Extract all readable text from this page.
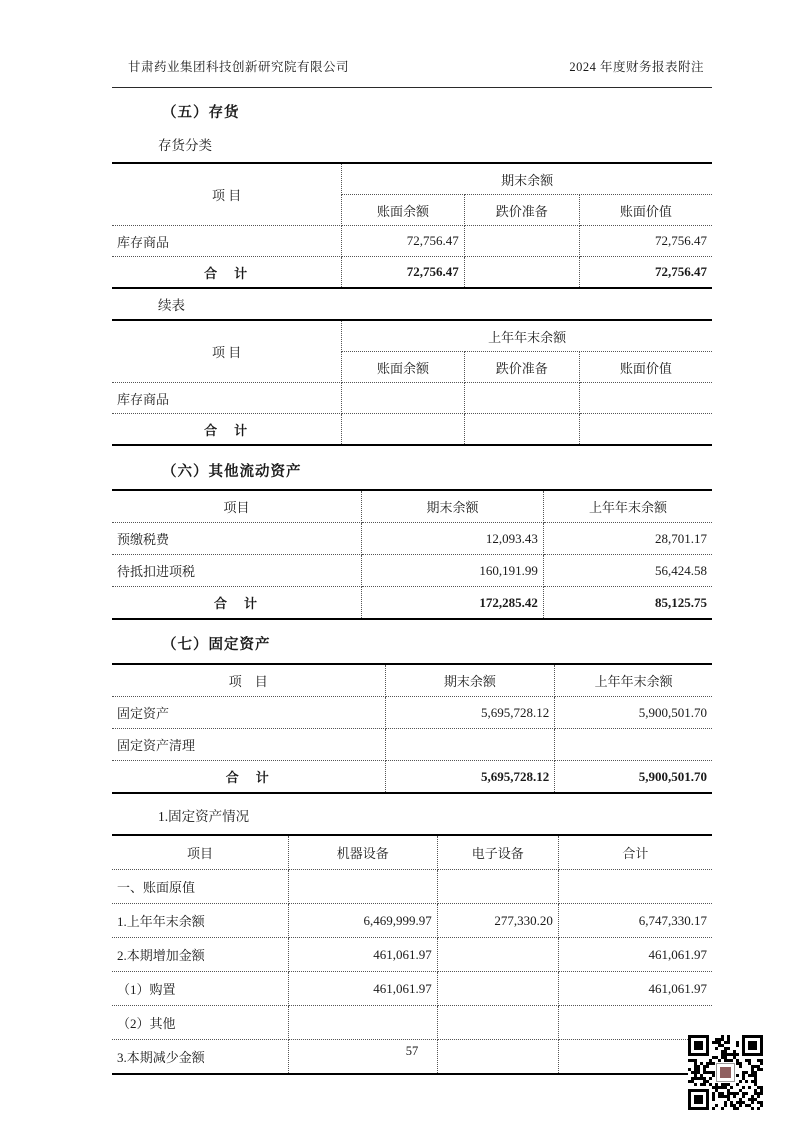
甘肃药业集团科技创新研究院有限公司	2024 年度财务报表附注
（五）存货
存货分类
项 目	期末余额		
	账面余额	跌价准备	账面价值
库存商品	72,756.47		72,756.47
合　计	72,756.47		72,756.47
续表
项 目	上年年末余额		
	账面余额	跌价准备	账面价值
库存商品			
合　计			
（六）其他流动资产
项目	期末余额	上年年末余额
预缴税费	12,093.43	28,701.17
待抵扣进项税	160,191.99	56,424.58
合　计	172,285.42	85,125.75
（七）固定资产
项　目	期末余额	上年年末余额
固定资产	5,695,728.12	5,900,501.70
固定资产清理		
合　计	5,695,728.12	5,900,501.70
1.固定资产情况
项目	机器设备	电子设备	合计
一、账面原值			
1.上年年末余额	6,469,999.97	277,330.20	6,747,330.17
2.本期增加金额	461,061.97		461,061.97
（1）购置	461,061.97		461,061.97
（2）其他			
3.本期减少金额				57
